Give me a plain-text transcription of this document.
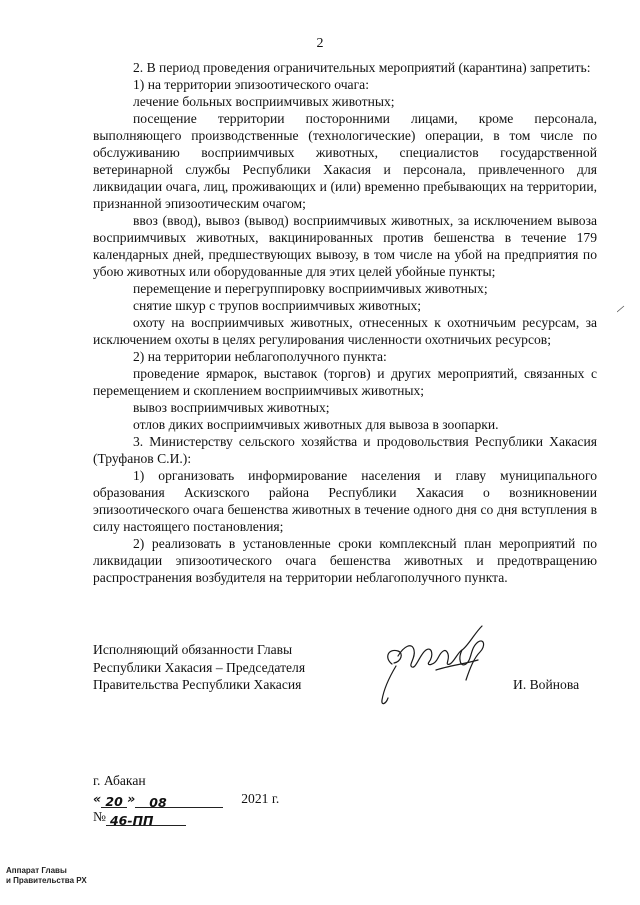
2

2. В период проведения ограничительных мероприятий (карантина) запретить:

1) на территории эпизоотического очага:

лечение больных восприимчивых животных;

посещение территории посторонними лицами, кроме персонала, выполняющего производственные (технологические) операции, в том числе по обслуживанию восприимчивых животных, специалистов государственной ветеринарной службы Республики Хакасия и персонала, привлеченного для ликвидации очага, лиц, проживающих и (или) временно пребывающих на территории, признанной эпизоотическим очагом;

ввоз (ввод), вывоз (вывод) восприимчивых животных, за исключением вывоза восприимчивых животных, вакцинированных против бешенства в течение 179 календарных дней, предшествующих вывозу, в том числе на убой на предприятия по убою животных или оборудованные для этих целей убойные пункты;

перемещение и перегруппировку восприимчивых животных;

снятие шкур с трупов восприимчивых животных;

охоту на восприимчивых животных, отнесенных к охотничьим ресурсам, за исключением охоты в целях регулирования численности охотничьих ресурсов;

2) на территории неблагополучного пункта:

проведение ярмарок, выставок (торгов) и других мероприятий, связанных с перемещением и скоплением восприимчивых животных;

вывоз восприимчивых животных;

отлов диких восприимчивых животных для вывоза в зоопарки.

3. Министерству сельского хозяйства и продовольствия Республики Хакасия (Труфанов С.И.):

1) организовать информирование населения и главу муниципального образования Аскизского района Республики Хакасия о возникновении эпизоотического очага бешенства животных в течение одного дня со дня вступления в силу настоящего постановления;

2) реализовать в установленные сроки комплексный план мероприятий по ликвидации эпизоотического очага бешенства животных и предотвращению распространения возбудителя на территории неблагополучного пункта.

Исполняющий обязанности Главы
Республики Хакасия – Председателя
Правительства Республики Хакасия	И. Войнова
г. Абакан
« 20 » 08	2021 г.
№ 46-ПП
Аппарат Главы
и Правительства РХ
